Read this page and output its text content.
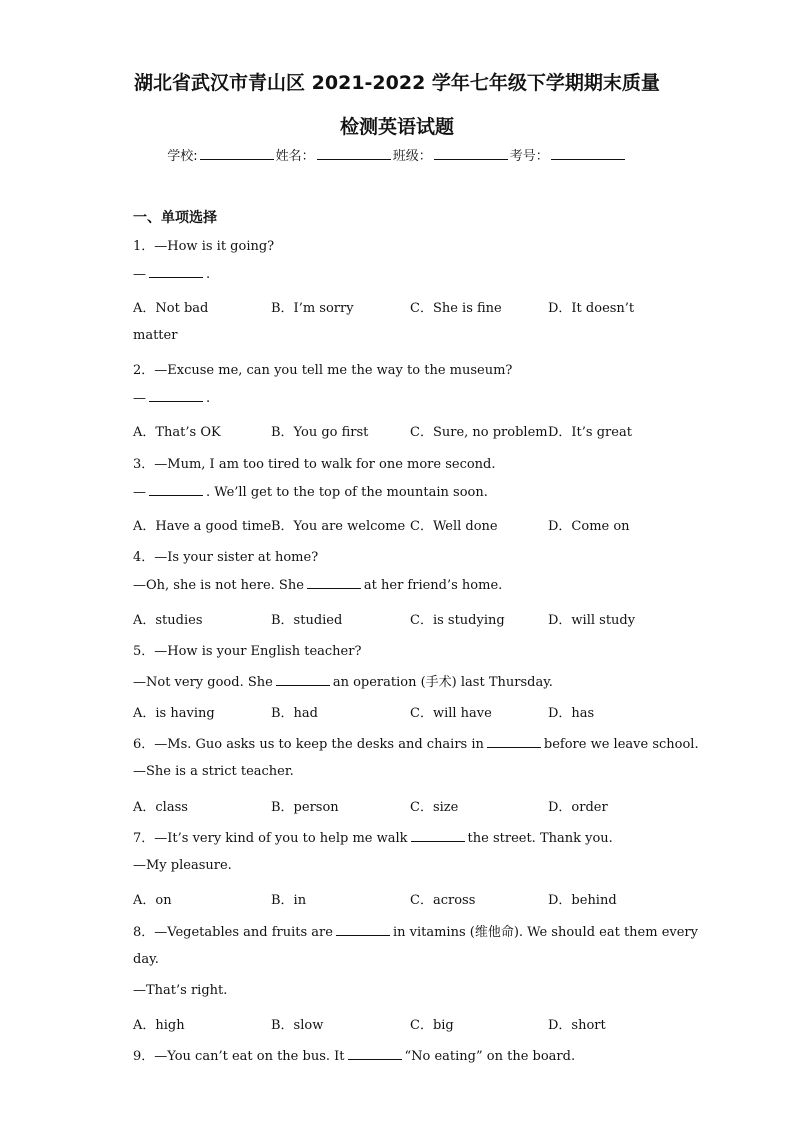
湖北省武汉市青山区 2021-2022 学年七年级下学期期末质量
检测英语试题
学校:	姓名：	班级：	考号：
一、单项选择
1．—How is it going?
—	.
A．Not bad	B．I’m sorry	C．She is fine	D．It doesn’t
matter
2．—Excuse me, can you tell me the way to the museum?
—	.
A．That’s OK	B．You go first	C．Sure, no problem D．It’s great
3．—Mum, I am too tired to walk for one more second.
—	. We’ll get to the top of the mountain soon.
A．Have a good time B．You are welcome C．Well done	D．Come on
4．—Is your sister at home?
—Oh, she is not here. She	at her friend’s home.
A．studies	B．studied	C．is studying	D．will study
5．—How is your English teacher?
—Not very good. She	an operation (手术) last Thursday.
A．is having	B．had	C．will have	D．has
6．—Ms. Guo asks us to keep the desks and chairs in	before we leave school.
—She is a strict teacher.
A．class	B．person	C．size	D．order
7．—It’s very kind of you to help me walk	the street. Thank you.
—My pleasure.
A．on	B．in	C．across	D．behind
8．—Vegetables and fruits are	in vitamins (维他命). We should eat them every
day.
—That’s right.
A．high	B．slow	C．big	D．short
9．—You can’t eat on the bus. It	“No eating” on the board.
